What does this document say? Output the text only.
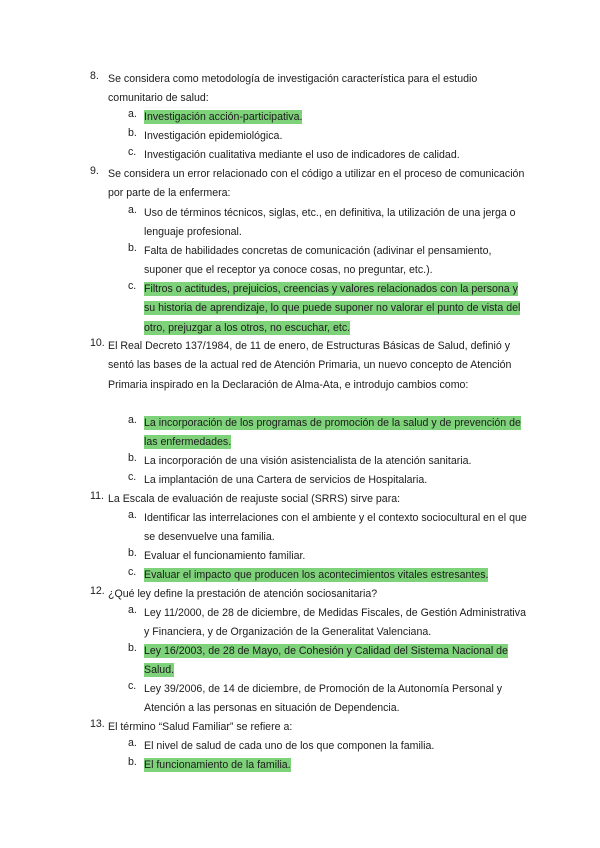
8. Se considera como metodología de investigación característica para el estudio comunitario de salud:
a. Investigación acción-participativa.
b. Investigación epidemiológica.
c. Investigación cualitativa mediante el uso de indicadores de calidad.
9. Se considera un error relacionado con el código a utilizar en el proceso de comunicación por parte de la enfermera:
a. Uso de términos técnicos, siglas, etc., en definitiva, la utilización de una jerga o lenguaje profesional.
b. Falta de habilidades concretas de comunicación (adivinar el pensamiento, suponer que el receptor ya conoce cosas, no preguntar, etc.).
c. Filtros o actitudes, prejuicios, creencias y valores relacionados con la persona y su historia de aprendizaje, lo que puede suponer no valorar el punto de vista del otro, prejuzgar a los otros, no escuchar, etc.
10. El Real Decreto 137/1984, de 11 de enero, de Estructuras Básicas de Salud, definió y sentó las bases de la actual red de Atención Primaria, un nuevo concepto de Atención Primaria inspirado en la Declaración de Alma-Ata, e introdujo cambios como:
a. La incorporación de los programas de promoción de la salud y de prevención de las enfermedades.
b. La incorporación de una visión asistencialista de la atención sanitaria.
c. La implantación de una Cartera de servicios de Hospitalaria.
11. La Escala de evaluación de reajuste social (SRRS) sirve para:
a. Identificar las interrelaciones con el ambiente y el contexto sociocultural en el que se desenvuelve una familia.
b. Evaluar el funcionamiento familiar.
c. Evaluar el impacto que producen los acontecimientos vitales estresantes.
12. ¿Qué ley define la prestación de atención sociosanitaria?
a. Ley 11/2000, de 28 de diciembre, de Medidas Fiscales, de Gestión Administrativa y Financiera, y de Organización de la Generalitat Valenciana.
b. Ley 16/2003, de 28 de Mayo, de Cohesión y Calidad del Sistema Nacional de Salud.
c. Ley 39/2006, de 14 de diciembre, de Promoción de la Autonomía Personal y Atención a las personas en situación de Dependencia.
13. El término “Salud Familiar” se refiere a:
a. El nivel de salud de cada uno de los que componen la familia.
b. El funcionamiento de la familia.
